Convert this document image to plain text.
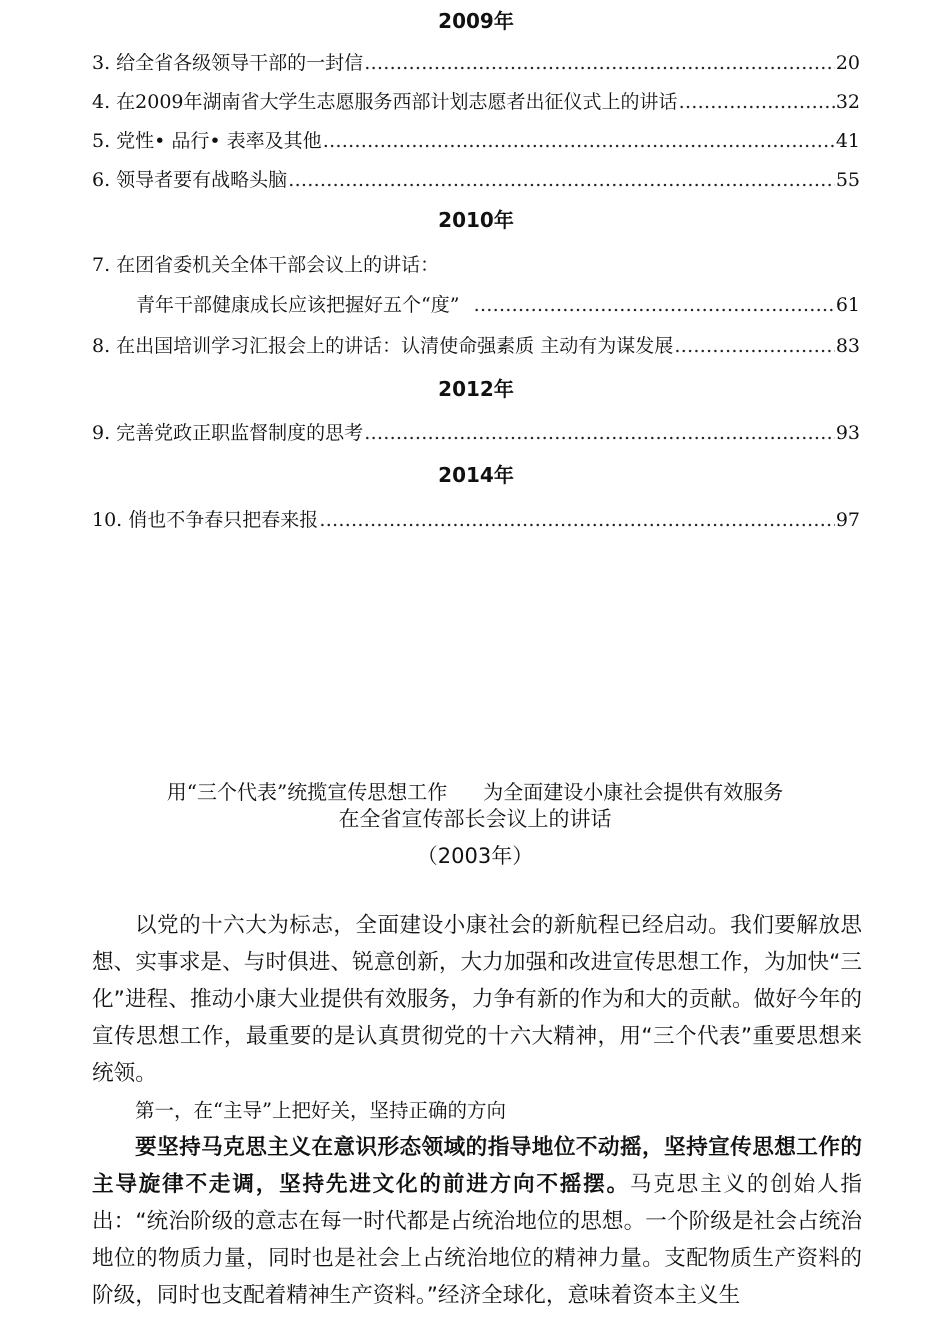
2009年
3. 给全省各级领导干部的一封信 ………………………………………………………………………………………………………………………………………………………………………………………………	20
4. 在2009年湖南省大学生志愿服务西部计划志愿者出征仪式上的讲话 ………………………………………………………………………………………………………………………………………………………………………………………………	32
5. 党性• 品行• 表率及其他 ………………………………………………………………………………………………………………………………………………………………………………………………	41
6. 领导者要有战略头脑 ………………………………………………………………………………………………………………………………………………………………………………………………	55
2010年
7. 在团省委机关全体干部会议上的讲话：
青年干部健康成长应该把握好五个“度” ………………………………………………………………………………………………………………………………………………………………………………………………	61
8. 在出国培训学习汇报会上的讲话：认清使命强素质 主动有为谋发展 ………………………………………………………………………………………………………………………………………………………………………………………………	83
2012年
9. 完善党政正职监督制度的思考 ………………………………………………………………………………………………………………………………………………………………………………………………	93
2014年
10. 俏也不争春只把春来报 ………………………………………………………………………………………………………………………………………………………………………………………………	97
用“三个代表”统揽宣传思想工作 为全面建设小康社会提供有效服务
在全省宣传部长会议上的讲话
（2003年）

以党的十六大为标志，全面建设小康社会的新航程已经启动。我们要解放思想、实事求是、与时俱进、锐意创新，大力加强和改进宣传思想工作，为加快“三化”进程、推动小康大业提供有效服务，力争有新的作为和大的贡献。做好今年的宣传思想工作，最重要的是认真贯彻党的十六大精神，用“三个代表”重要思想来统领。

第一，在“主导”上把好关，坚持正确的方向

要坚持马克思主义在意识形态领域的指导地位不动摇，坚持宣传思想工作的主导旋律不走调，坚持先进文化的前进方向不摇摆。马克思主义的创始人指出：“统治阶级的意志在每一时代都是占统治地位的思想。一个阶级是社会占统治地位的物质力量，同时也是社会上占统治地位的精神力量。支配物质生产资料的阶级，同时也支配着精神生产资料。”经济全球化，意味着资本主义生
